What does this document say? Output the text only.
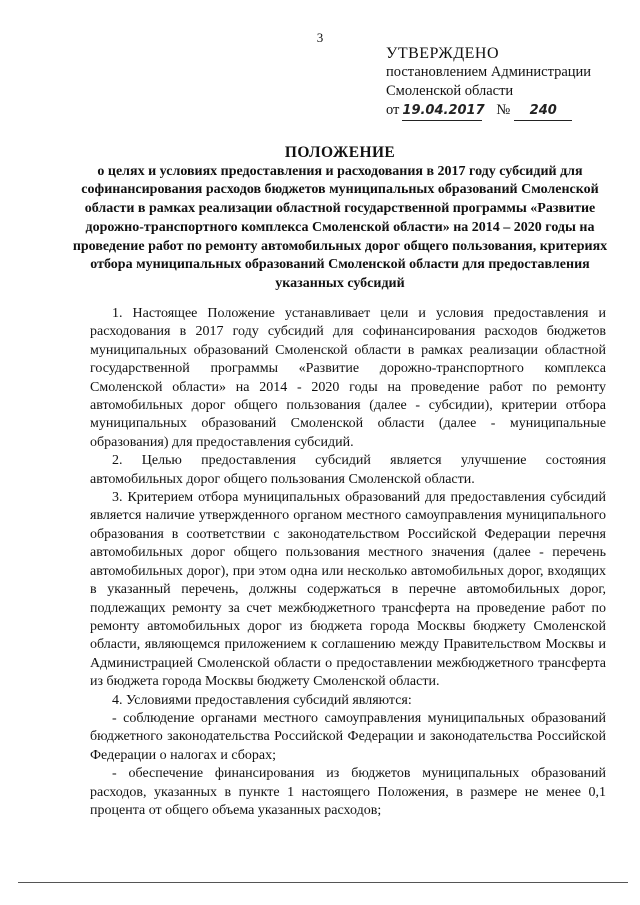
3
УТВЕРЖДЕНО
постановлением Администрации
Смоленской области
от 19.04.2017 № 240
ПОЛОЖЕНИЕ
о целях и условиях предоставления и расходования в 2017 году субсидий для софинансирования расходов бюджетов муниципальных образований Смоленской области в рамках реализации областной государственной программы «Развитие дорожно-транспортного комплекса Смоленской области» на 2014 – 2020 годы на проведение работ по ремонту автомобильных дорог общего пользования, критериях отбора муниципальных образований Смоленской области для предоставления указанных субсидий

1. Настоящее Положение устанавливает цели и условия предоставления и расходования в 2017 году субсидий для софинансирования расходов бюджетов муниципальных образований Смоленской области в рамках реализации областной государственной программы «Развитие дорожно-транспортного комплекса Смоленской области» на 2014 - 2020 годы на проведение работ по ремонту автомобильных дорог общего пользования (далее - субсидии), критерии отбора муниципальных образований Смоленской области (далее - муниципальные образования) для предоставления субсидий.

2. Целью предоставления субсидий является улучшение состояния автомобильных дорог общего пользования Смоленской области.

3. Критерием отбора муниципальных образований для предоставления субсидий является наличие утвержденного органом местного самоуправления муниципального образования в соответствии с законодательством Российской Федерации перечня автомобильных дорог общего пользования местного значения (далее - перечень автомобильных дорог), при этом одна или несколько автомобильных дорог, входящих в указанный перечень, должны содержаться в перечне автомобильных дорог, подлежащих ремонту за счет межбюджетного трансферта на проведение работ по ремонту автомобильных дорог из бюджета города Москвы бюджету Смоленской области, являющемся приложением к соглашению между Правительством Москвы и Администрацией Смоленской области о предоставлении межбюджетного трансферта из бюджета города Москвы бюджету Смоленской области.

4. Условиями предоставления субсидий являются:

- соблюдение органами местного самоуправления муниципальных образований бюджетного законодательства Российской Федерации и законодательства Российской Федерации о налогах и сборах;

- обеспечение финансирования из бюджетов муниципальных образований расходов, указанных в пункте 1 настоящего Положения, в размере не менее 0,1 процента от общего объема указанных расходов;
